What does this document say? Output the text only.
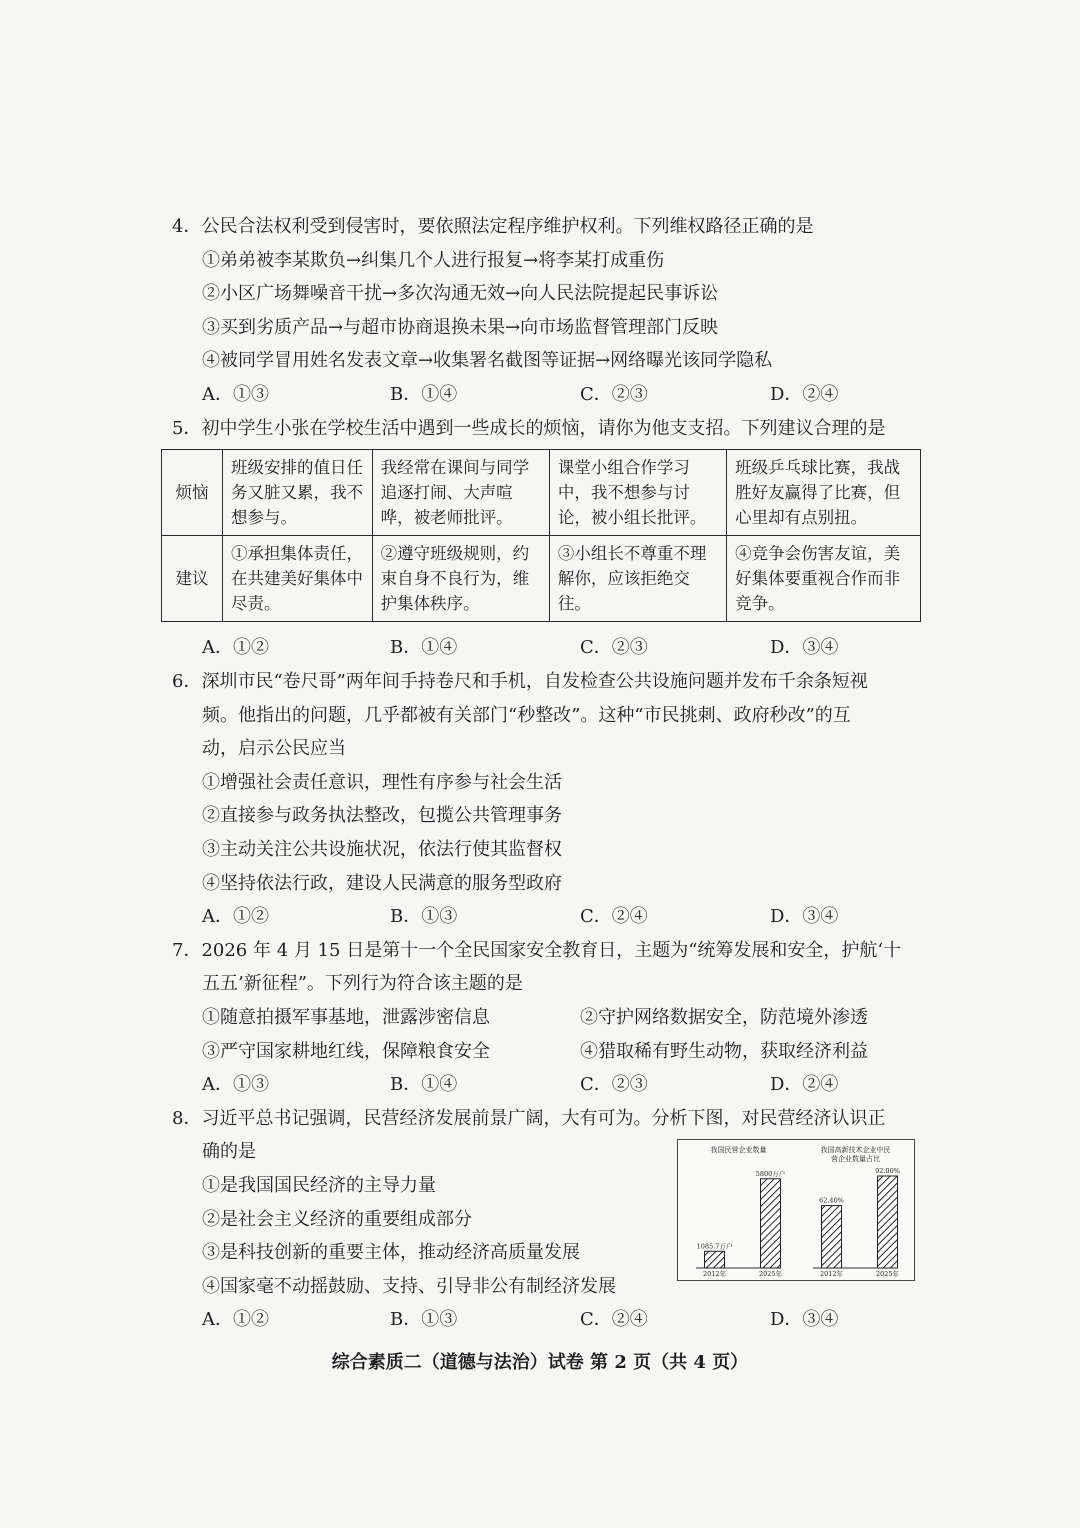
4．公民合法权利受到侵害时，要依照法定程序维护权利。下列维权路径正确的是
①弟弟被李某欺负→纠集几个人进行报复→将李某打成重伤
②小区广场舞噪音干扰→多次沟通无效→向人民法院提起民事诉讼
③买到劣质产品→与超市协商退换未果→向市场监督管理部门反映
④被同学冒用姓名发表文章→收集署名截图等证据→网络曝光该同学隐私
A．①③	B．①④	C．②③	D．②④
5．初中学生小张在学校生活中遇到一些成长的烦恼，请你为他支支招。下列建议合理的是
烦恼	班级安排的值日任务又脏又累，我不想参与。	我经常在课间与同学追逐打闹、大声喧哗，被老师批评。	课堂小组合作学习中，我不想参与讨论，被小组长批评。	班级乒乓球比赛，我战胜好友赢得了比赛，但心里却有点别扭。
建议	①承担集体责任，在共建美好集体中尽责。	②遵守班级规则，约束自身不良行为，维护集体秩序。	③小组长不尊重不理解你，应该拒绝交往。	④竞争会伤害友谊，美好集体要重视合作而非竞争。
A．①②	B．①④	C．②③	D．③④
6．深圳市民“卷尺哥”两年间手持卷尺和手机，自发检查公共设施问题并发布千余条短视
频。他指出的问题，几乎都被有关部门“秒整改”。这种“市民挑刺、政府秒改”的互
动，启示公民应当
①增强社会责任意识，理性有序参与社会生活
②直接参与政务执法整改，包揽公共管理事务
③主动关注公共设施状况，依法行使其监督权
④坚持依法行政，建设人民满意的服务型政府
A．①②	B．①③	C．②④	D．③④
7．2026 年 4 月 15 日是第十一个全民国家安全教育日，主题为“统筹发展和安全，护航‘十
五五’新征程”。下列行为符合该主题的是
①随意拍摄军事基地，泄露涉密信息	②守护网络数据安全，防范境外渗透
③严守国家耕地红线，保障粮食安全	④猎取稀有野生动物，获取经济利益
A．①③	B．①④	C．②③	D．②④
8．习近平总书记强调，民营经济发展前景广阔，大有可为。分析下图，对民营经济认识正
确的是
①是我国国民经济的主导力量
②是社会主义经济的重要组成部分
③是科技创新的重要主体，推动经济高质量发展
④国家毫不动摇鼓励、支持、引导非公有制经济发展
A．①②	B．①③	C．②④	D．③④
我国民营企业数量
1085.7万户
2012年
5800万户
2025年
我国高新技术企业中民
营企业数量占比
62.40%
2012年
92.00%
2025年
综合素质二（道德与法治）试卷 第 2 页（共 4 页）
